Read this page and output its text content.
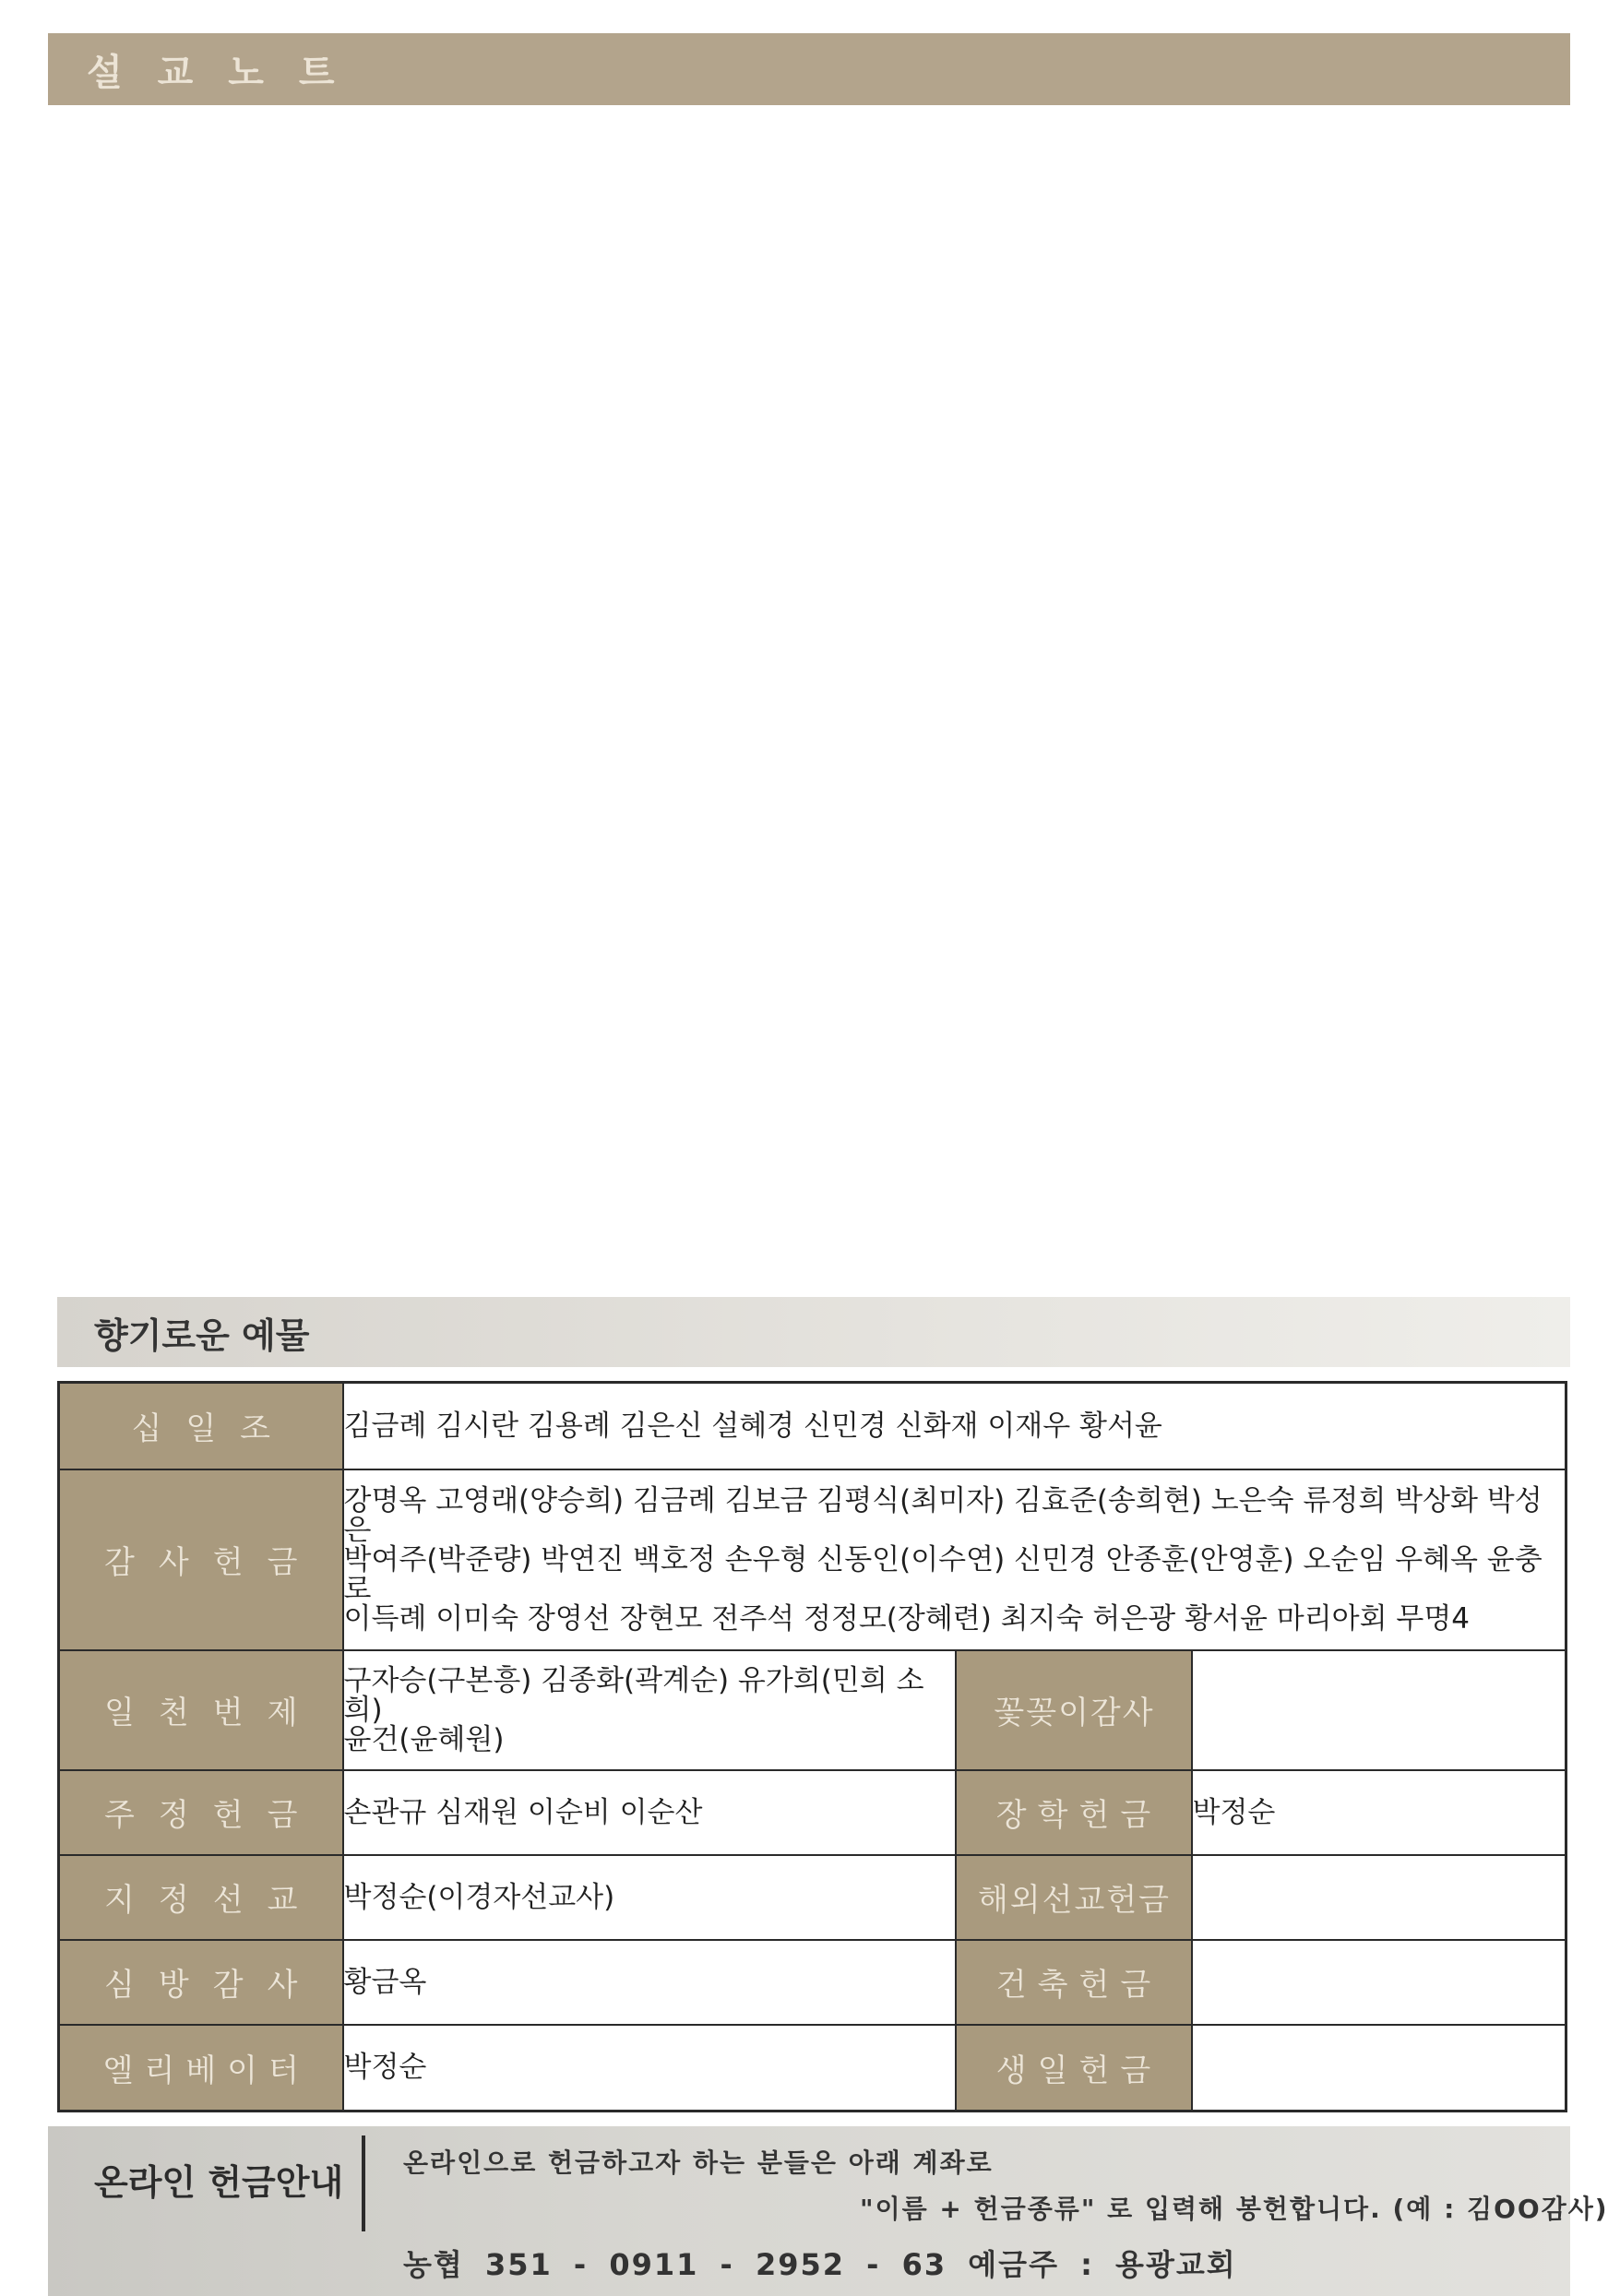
설교노트
향기로운 예물
십일조	김금례 김시란 김용례 김은신 설혜경 신민경 신화재 이재우 황서윤		
감사헌금	강명옥 고영래(양승희) 김금례 김보금 김평식(최미자) 김효준(송희현) 노은숙 류정희 박상화 박성은
박여주(박준량) 박연진 백호정 손우형 신동인(이수연) 신민경 안종훈(안영훈) 오순임 우혜옥 윤충로
이득례 이미숙 장영선 장현모 전주석 정정모(장혜련) 최지숙 허은광 황서윤 마리아회 무명4		

일천번제	구자승(구본흥) 김종화(곽계순) 유가희(민희 소희)
윤건(윤혜원)	꽃꽂이감사	
주정헌금	손관규 심재원 이순비 이순산	장학헌금	박정순
지정선교	박정순(이경자선교사)	해외선교헌금	
심방감사	황금옥	건축헌금	
엘리베이터	박정순	생일헌금	
온라인 헌금안내 온라인으로 헌금하고자 하는 분들은 아래 계좌로
"이름 + 헌금종류" 로 입력해 봉헌합니다. (예 : 김OO감사)
농협 351 - 0911 - 2952 - 63 예금주 : 용광교회
